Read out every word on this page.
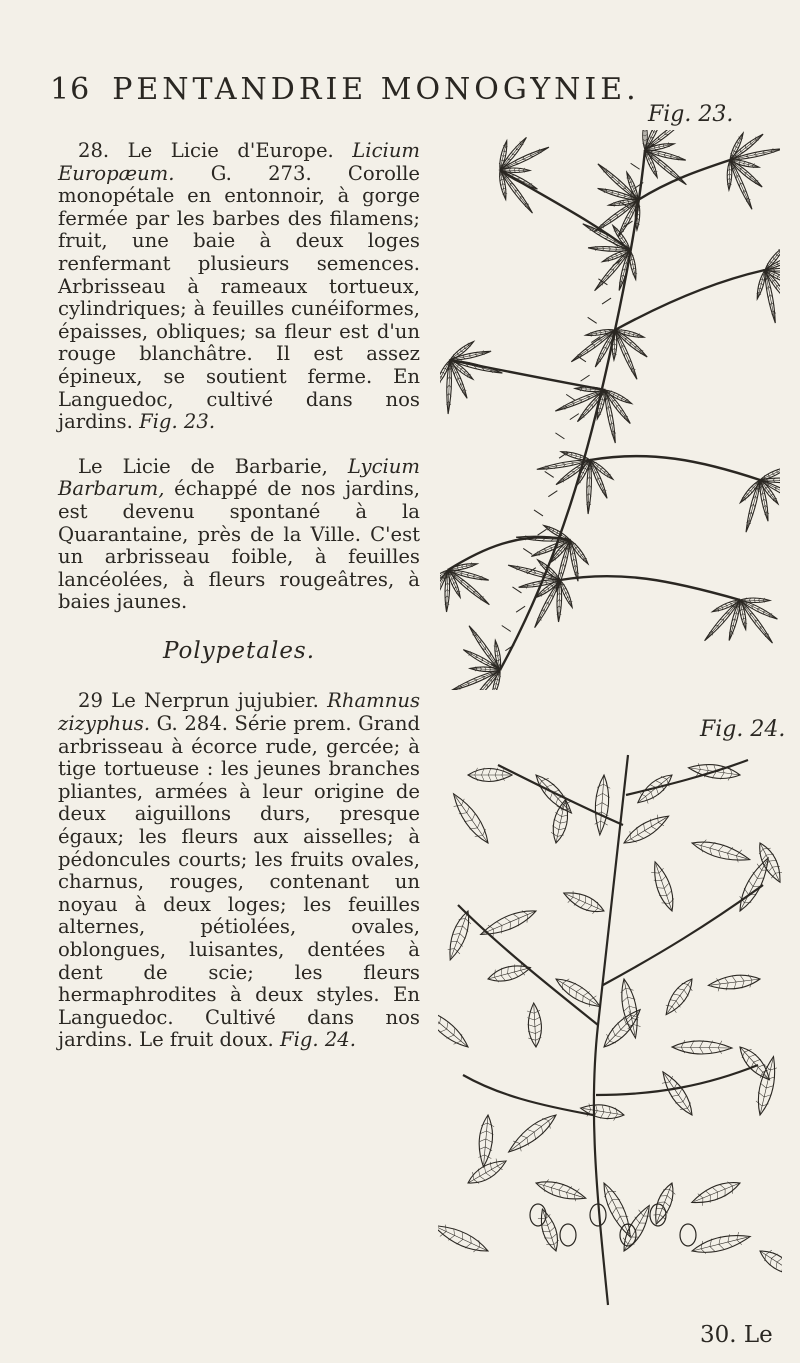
16 PENTANDRIE MONOGYNIE.

28. Le Licie d'Europe. Licium Europæum. G. 273. Corolle monopétale en entonnoir, à gorge fermée par les barbes des filamens; fruit, une baie à deux loges renfermant plusieurs semences. Arbrisseau à rameaux tortueux, cylindriques; à feuilles cunéiformes, épaisses, obliques; sa fleur est d'un rouge blanchâtre. Il est assez épineux, se soutient ferme. En Languedoc, cultivé dans nos jardins. Fig. 23.

Le Licie de Barbarie, Lycium Barbarum, échappé de nos jardins, est devenu spontané à la Quarantaine, près de la Ville. C'est un arbrisseau foible, à feuilles lancéolées, à fleurs rougeâtres, à baies jaunes.

Polypetales.

29 Le Nerprun jujubier. Rhamnus zizyphus. G. 284. Série prem. Grand arbrisseau à écorce rude, gercée; à tige tortueuse : les jeunes branches pliantes, armées à leur origine de deux aiguillons durs, presque égaux; les fleurs aux aisselles; à pédoncules courts; les fruits ovales, charnus, rouges, contenant un noyau à deux loges; les feuilles alternes, pétiolées, ovales, oblongues, luisantes, dentées à dent de scie; les fleurs hermaphrodites à deux styles. En Languedoc. Cultivé dans nos jardins. Le fruit doux. Fig. 24.

Fig. 23.
Fig. 24.
30. Le
